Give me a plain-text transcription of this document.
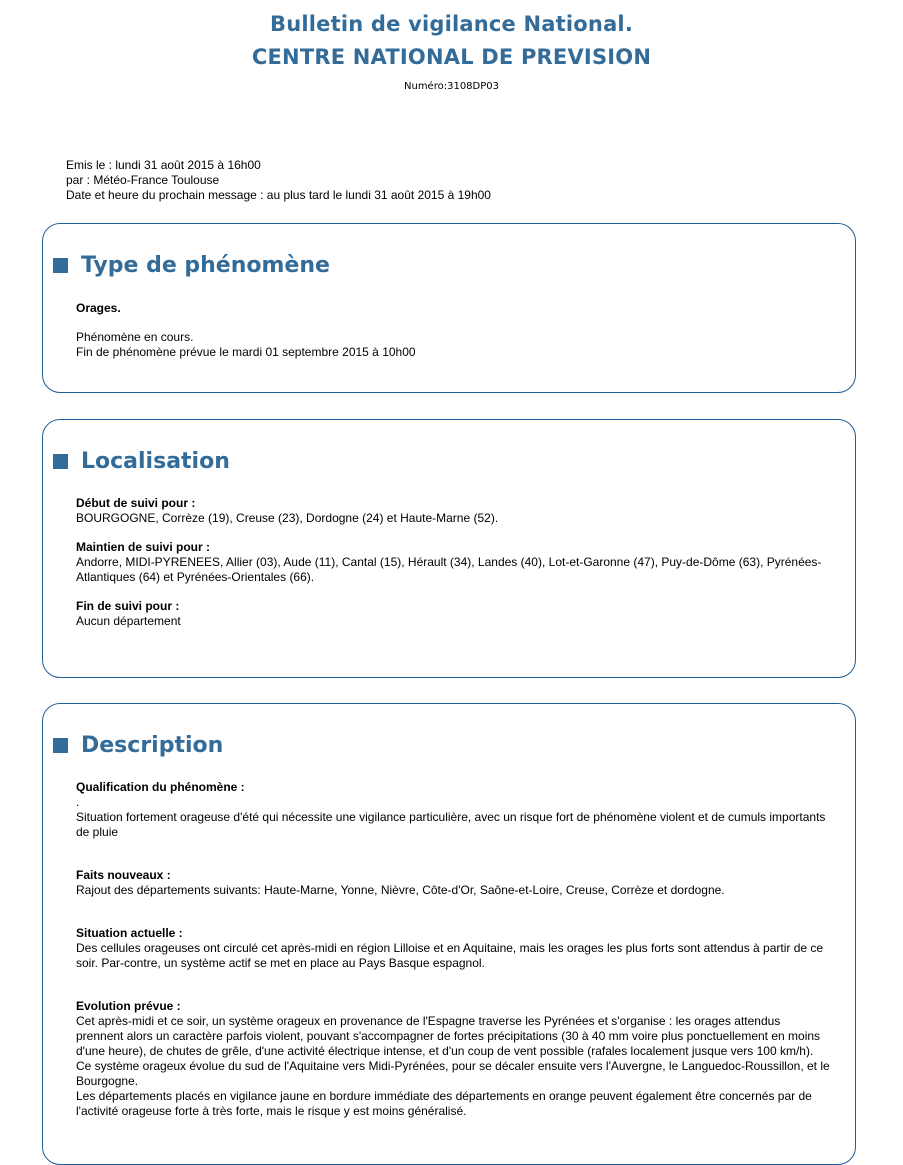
Bulletin de vigilance National.
CENTRE NATIONAL DE PREVISION
Numéro:3108DP03

Emis le : lundi 31 août 2015 à 16h00

par : Météo-France Toulouse

Date et heure du prochain message : au plus tard le lundi 31 août 2015 à 19h00

Type de phénomène

Orages.

Phénomène en cours.

Fin de phénomène prévue le mardi 01 septembre 2015 à 10h00

Localisation

Début de suivi pour :

BOURGOGNE, Corrèze (19), Creuse (23), Dordogne (24) et Haute-Marne (52).

Maintien de suivi pour :

Andorre, MIDI-PYRENEES, Allier (03), Aude (11), Cantal (15), Hérault (34), Landes (40), Lot-et-Garonne (47), Puy-de-Dôme (63), Pyrénées-

Atlantiques (64) et Pyrénées-Orientales (66).

Fin de suivi pour :

Aucun département

Description

Qualification du phénomène :

.

Situation fortement orageuse d'été qui nécessite une vigilance particulière, avec un risque fort de phénomène violent et de cumuls importants

de pluie

Faits nouveaux :

Rajout des départements suivants: Haute-Marne, Yonne, Nièvre, Côte-d'Or, Saône-et-Loire, Creuse, Corrèze et dordogne.

Situation actuelle :

Des cellules orageuses ont circulé cet après-midi en région Lilloise et en Aquitaine, mais les orages les plus forts sont attendus à partir de ce

soir. Par-contre, un système actif se met en place au Pays Basque espagnol.

Evolution prévue :

Cet après-midi et ce soir, un système orageux en provenance de l'Espagne traverse les Pyrénées et s'organise : les orages attendus

prennent alors un caractère parfois violent, pouvant s'accompagner de fortes précipitations (30 à 40 mm voire plus ponctuellement en moins

d'une heure), de chutes de grêle, d'une activité électrique intense, et d'un coup de vent possible (rafales localement jusque vers 100 km/h).

Ce système orageux évolue du sud de l'Aquitaine vers Midi-Pyrénées, pour se décaler ensuite vers l'Auvergne, le Languedoc-Roussillon, et le

Bourgogne.

Les départements placés en vigilance jaune en bordure immédiate des départements en orange peuvent également être concernés par de

l'activité orageuse forte à très forte, mais le risque y est moins généralisé.
